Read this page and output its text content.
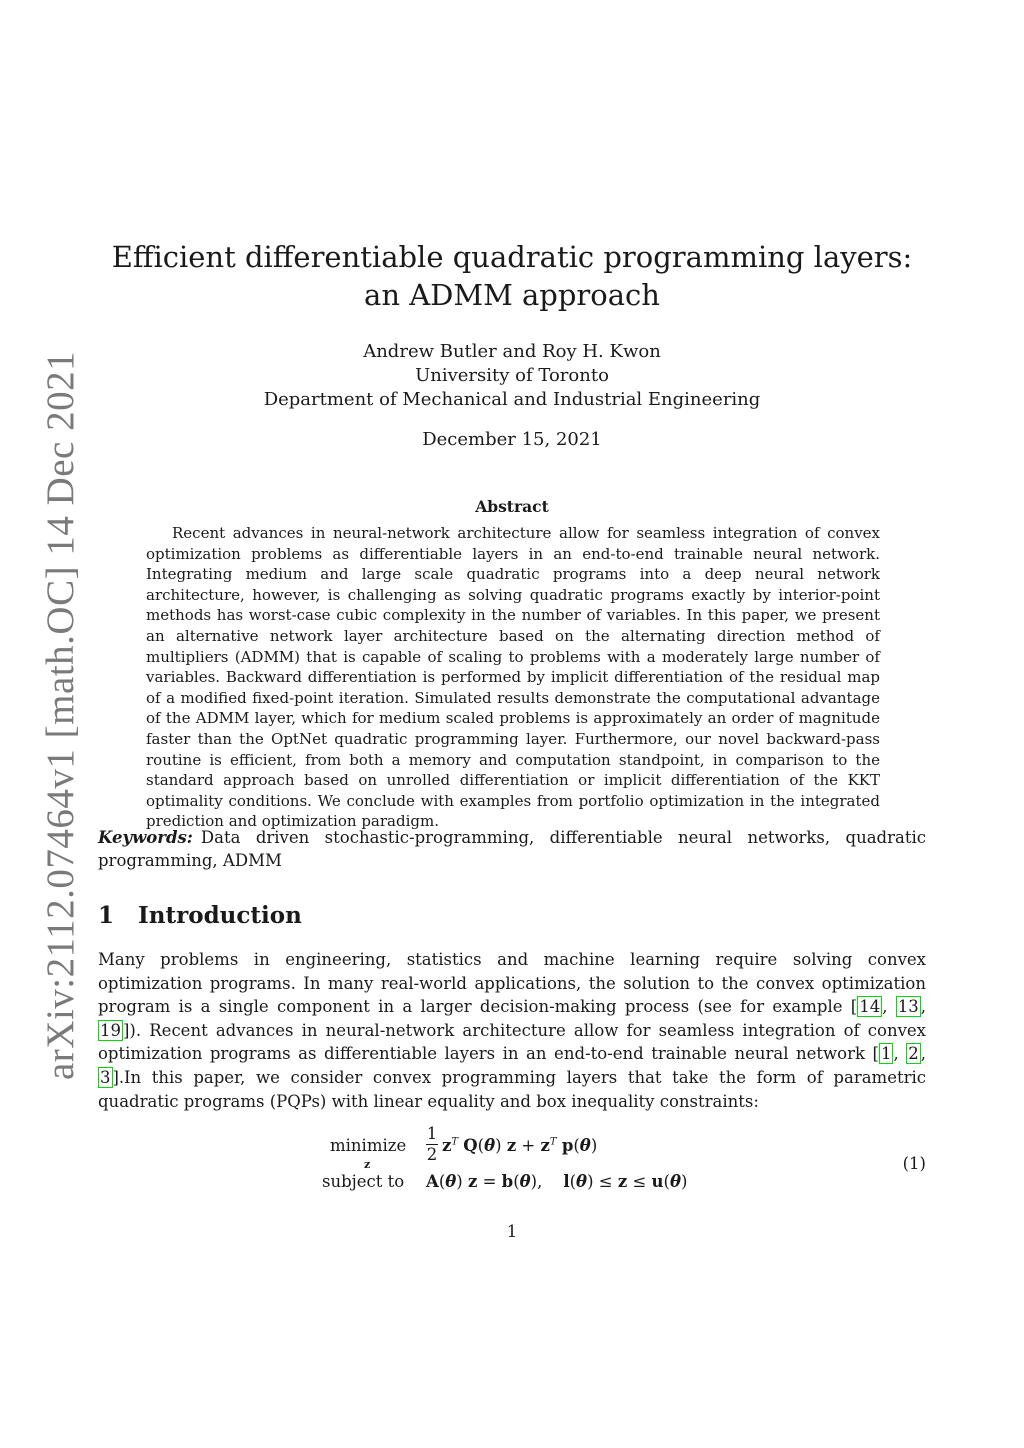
arXiv:2112.07464v1 [math.OC] 14 Dec 2021
Efficient differentiable quadratic programming layers: an ADMM approach
Andrew Butler and Roy H. Kwon
University of Toronto
Department of Mechanical and Industrial Engineering
December 15, 2021
Abstract
Recent advances in neural-network architecture allow for seamless integration of convex optimization problems as differentiable layers in an end-to-end trainable neural network. Integrating medium and large scale quadratic programs into a deep neural network architecture, however, is challenging as solving quadratic programs exactly by interior-point methods has worst-case cubic complexity in the number of variables. In this paper, we present an alternative network layer architecture based on the alternating direction method of multipliers (ADMM) that is capable of scaling to problems with a moderately large number of variables. Backward differentiation is performed by implicit differentiation of the residual map of a modified fixed-point iteration. Simulated results demonstrate the computational advantage of the ADMM layer, which for medium scaled problems is approximately an order of magnitude faster than the OptNet quadratic programming layer. Furthermore, our novel backward-pass routine is efficient, from both a memory and computation standpoint, in comparison to the standard approach based on unrolled differentiation or implicit differentiation of the KKT optimality conditions. We conclude with examples from portfolio optimization in the integrated prediction and optimization paradigm.
Keywords: Data driven stochastic-programming, differentiable neural networks, quadratic programming, ADMM
1 Introduction
Many problems in engineering, statistics and machine learning require solving convex optimization programs. In many real-world applications, the solution to the convex optimization program is a single component in a larger decision-making process (see for example [ 14 , 13 , 19 ]). Recent advances in neural-network architecture allow for seamless integration of convex optimization programs as differentiable layers in an end-to-end trainable neural network [ 1 , 2 , 3 ]. In this paper, we consider convex programming layers that take the form of parametric quadratic programs (PQPs) with linear equality and box inequality constraints:
minimize
z
subject to
1
2 $z^T$ Q(θ) $z + z^T$ p(θ)
A(θ) z = b(θ),    l(θ) ≤ z ≤ u(θ)
(1)
1
